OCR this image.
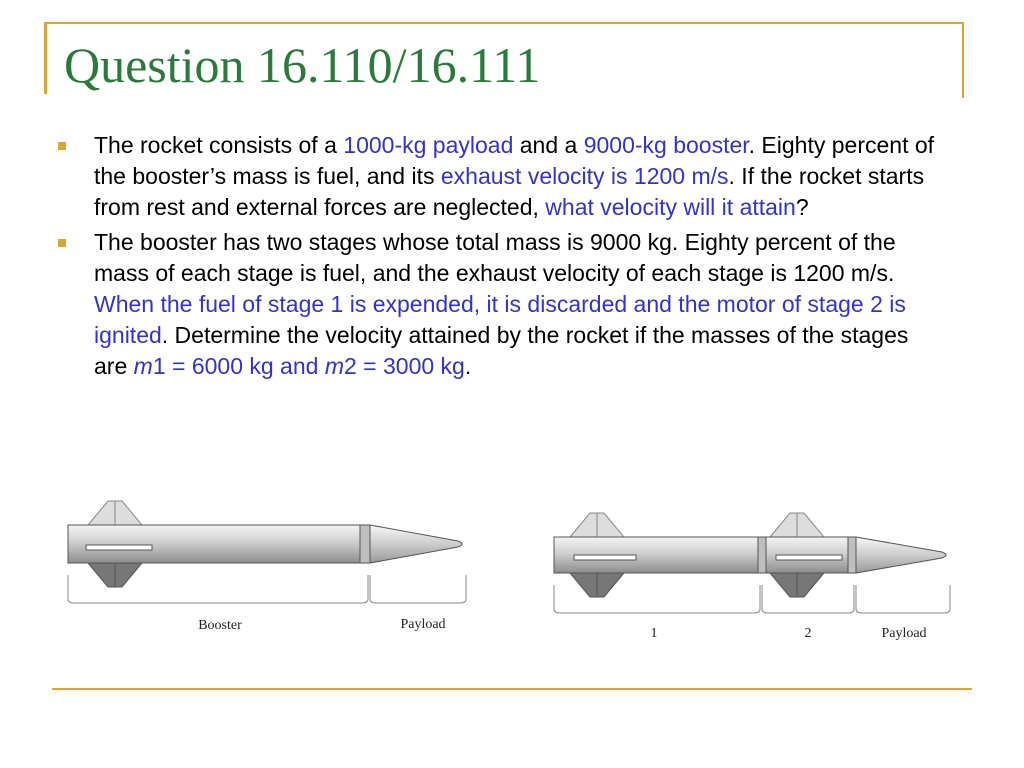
Question 16.110/16.111
The rocket consists of a 1000-kg payload and a 9000-kg booster. Eighty percent of the booster’s mass is fuel, and its exhaust velocity is 1200 m/s. If the rocket starts from rest and external forces are neglected, what velocity will it attain?
The booster has two stages whose total mass is 9000 kg. Eighty percent of the mass of each stage is fuel, and the exhaust velocity of each stage is 1200 m/s. When the fuel of stage 1 is expended, it is discarded and the motor of stage 2 is ignited. Determine the velocity attained by the rocket if the masses of the stages are m1 = 6000 kg and m2 = 3000 kg.
Booster	Payload
1	2	Payload
